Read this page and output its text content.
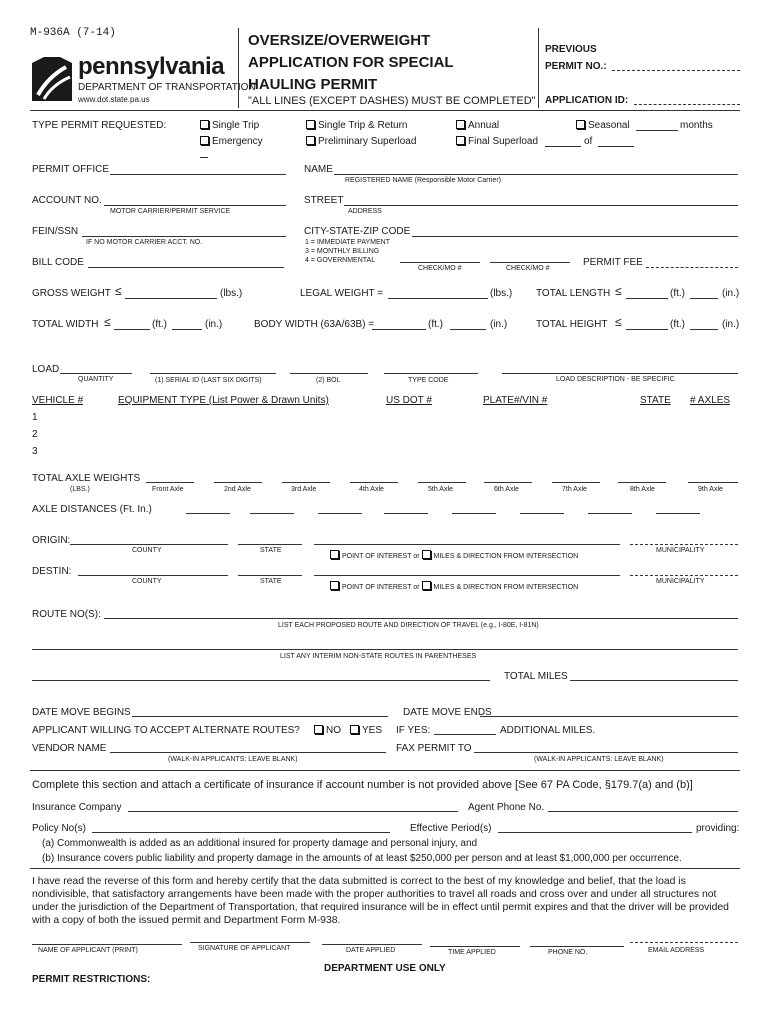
M-936A (7-14)
pennsylvania
DEPARTMENT OF TRANSPORTATION
www.dot.state.pa.us
OVERSIZE/OVERWEIGHT
APPLICATION FOR SPECIAL
HAULING PERMIT
"ALL LINES (EXCEPT DASHES) MUST BE COMPLETED"
PREVIOUS
PERMIT NO.:
APPLICATION ID:
TYPE PERMIT REQUESTED:	Single Trip
Emergency
Single Trip & Return
Preliminary Superload
Annual
Final Superload	of
Seasonal	months
PERMIT OFFICE	NAME
REGISTERED NAME (Responsible Motor Carrier)
ACCOUNT NO.
MOTOR CARRIER/PERMIT SERVICE
STREET
ADDRESS
FEIN/SSN
IF NO MOTOR CARRIER ACCT. NO.
CITY-STATE-ZIP CODE
1 = IMMEDIATE PAYMENT
3 = MONTHLY BILLING
4 = GOVERNMENTAL
BILL CODE
CHECK/MO #	CHECK/MO #
PERMIT FEE
GROSS WEIGHT ≤	(lbs.)	LEGAL WEIGHT =	(lbs.) TOTAL LENGTH ≤	(ft.)	(in.)
TOTAL WIDTH ≤	(ft.)	(in.)	BODY WIDTH (63A/63B) =	(ft.)	(in.)	TOTAL HEIGHT ≤	(ft.)	(in.)
LOAD
QUANTITY	(1) SERIAL ID (LAST SIX DIGITS)	(2) BOL	TYPE CODE	LOAD DESCRIPTION - BE SPECIFIC
VEHICLE #	EQUIPMENT TYPE (List Power & Drawn Units)	US DOT #	PLATE#/VIN #	STATE # AXLES
1
2
3
TOTAL AXLE WEIGHTS
(LBS.)	Front Axle	2nd Axle	3rd Axle	4th Axle	5th Axle	6th Axle	7th Axle	8th Axle	9th Axle
AXLE DISTANCES (Ft. In.)
ORIGIN:
COUNTY	STATE
POINT OF INTEREST or MILES & DIRECTION FROM INTERSECTION
MUNICIPALITY
DESTIN:
COUNTY	STATE
POINT OF INTEREST or MILES & DIRECTION FROM INTERSECTION
MUNICIPALITY
ROUTE NO(S):
LIST EACH PROPOSED ROUTE AND DIRECTION OF TRAVEL (e.g., I-80E, I-81N)
LIST ANY INTERIM NON-STATE ROUTES IN PARENTHESES
TOTAL MILES
DATE MOVE BEGINS	DATE MOVE ENDS
APPLICANT WILLING TO ACCEPT ALTERNATE ROUTES?	NO	YES IF YES:	ADDITIONAL MILES.
VENDOR NAME
(WALK-IN APPLICANTS: LEAVE BLANK)
FAX PERMIT TO
(WALK-IN APPLICANTS: LEAVE BLANK)
Complete this section and attach a certificate of insurance if account number is not provided above [See 67 PA Code, §179.7(a) and (b)]
Insurance Company	Agent Phone No.
Policy No(s)	Effective Period(s)	providing:
(a) Commonwealth is added as an additional insured for property damage and personal injury, and
(b) Insurance covers public liability and property damage in the amounts of at least $250,000 per person and at least $1,000,000 per occurrence.
I have read the reverse of this form and hereby certify that the data submitted is correct to the best of my knowledge and belief, that the load is nondivisible, that satisfactory arrangements have been made with the proper authorities to travel all roads and cross over and under all structures not under the jurisdiction of the Department of Transportation, that required insurance will be in effect until permit expires and that the driver will be provided with a copy of both the issued permit and Department Form M-938.
NAME OF APPLICANT (PRINT)	SIGNATURE OF APPLICANT	DATE APPLIED	TIME APPLIED	PHONE NO.	EMAIL ADDRESS
DEPARTMENT USE ONLY
PERMIT RESTRICTIONS:
